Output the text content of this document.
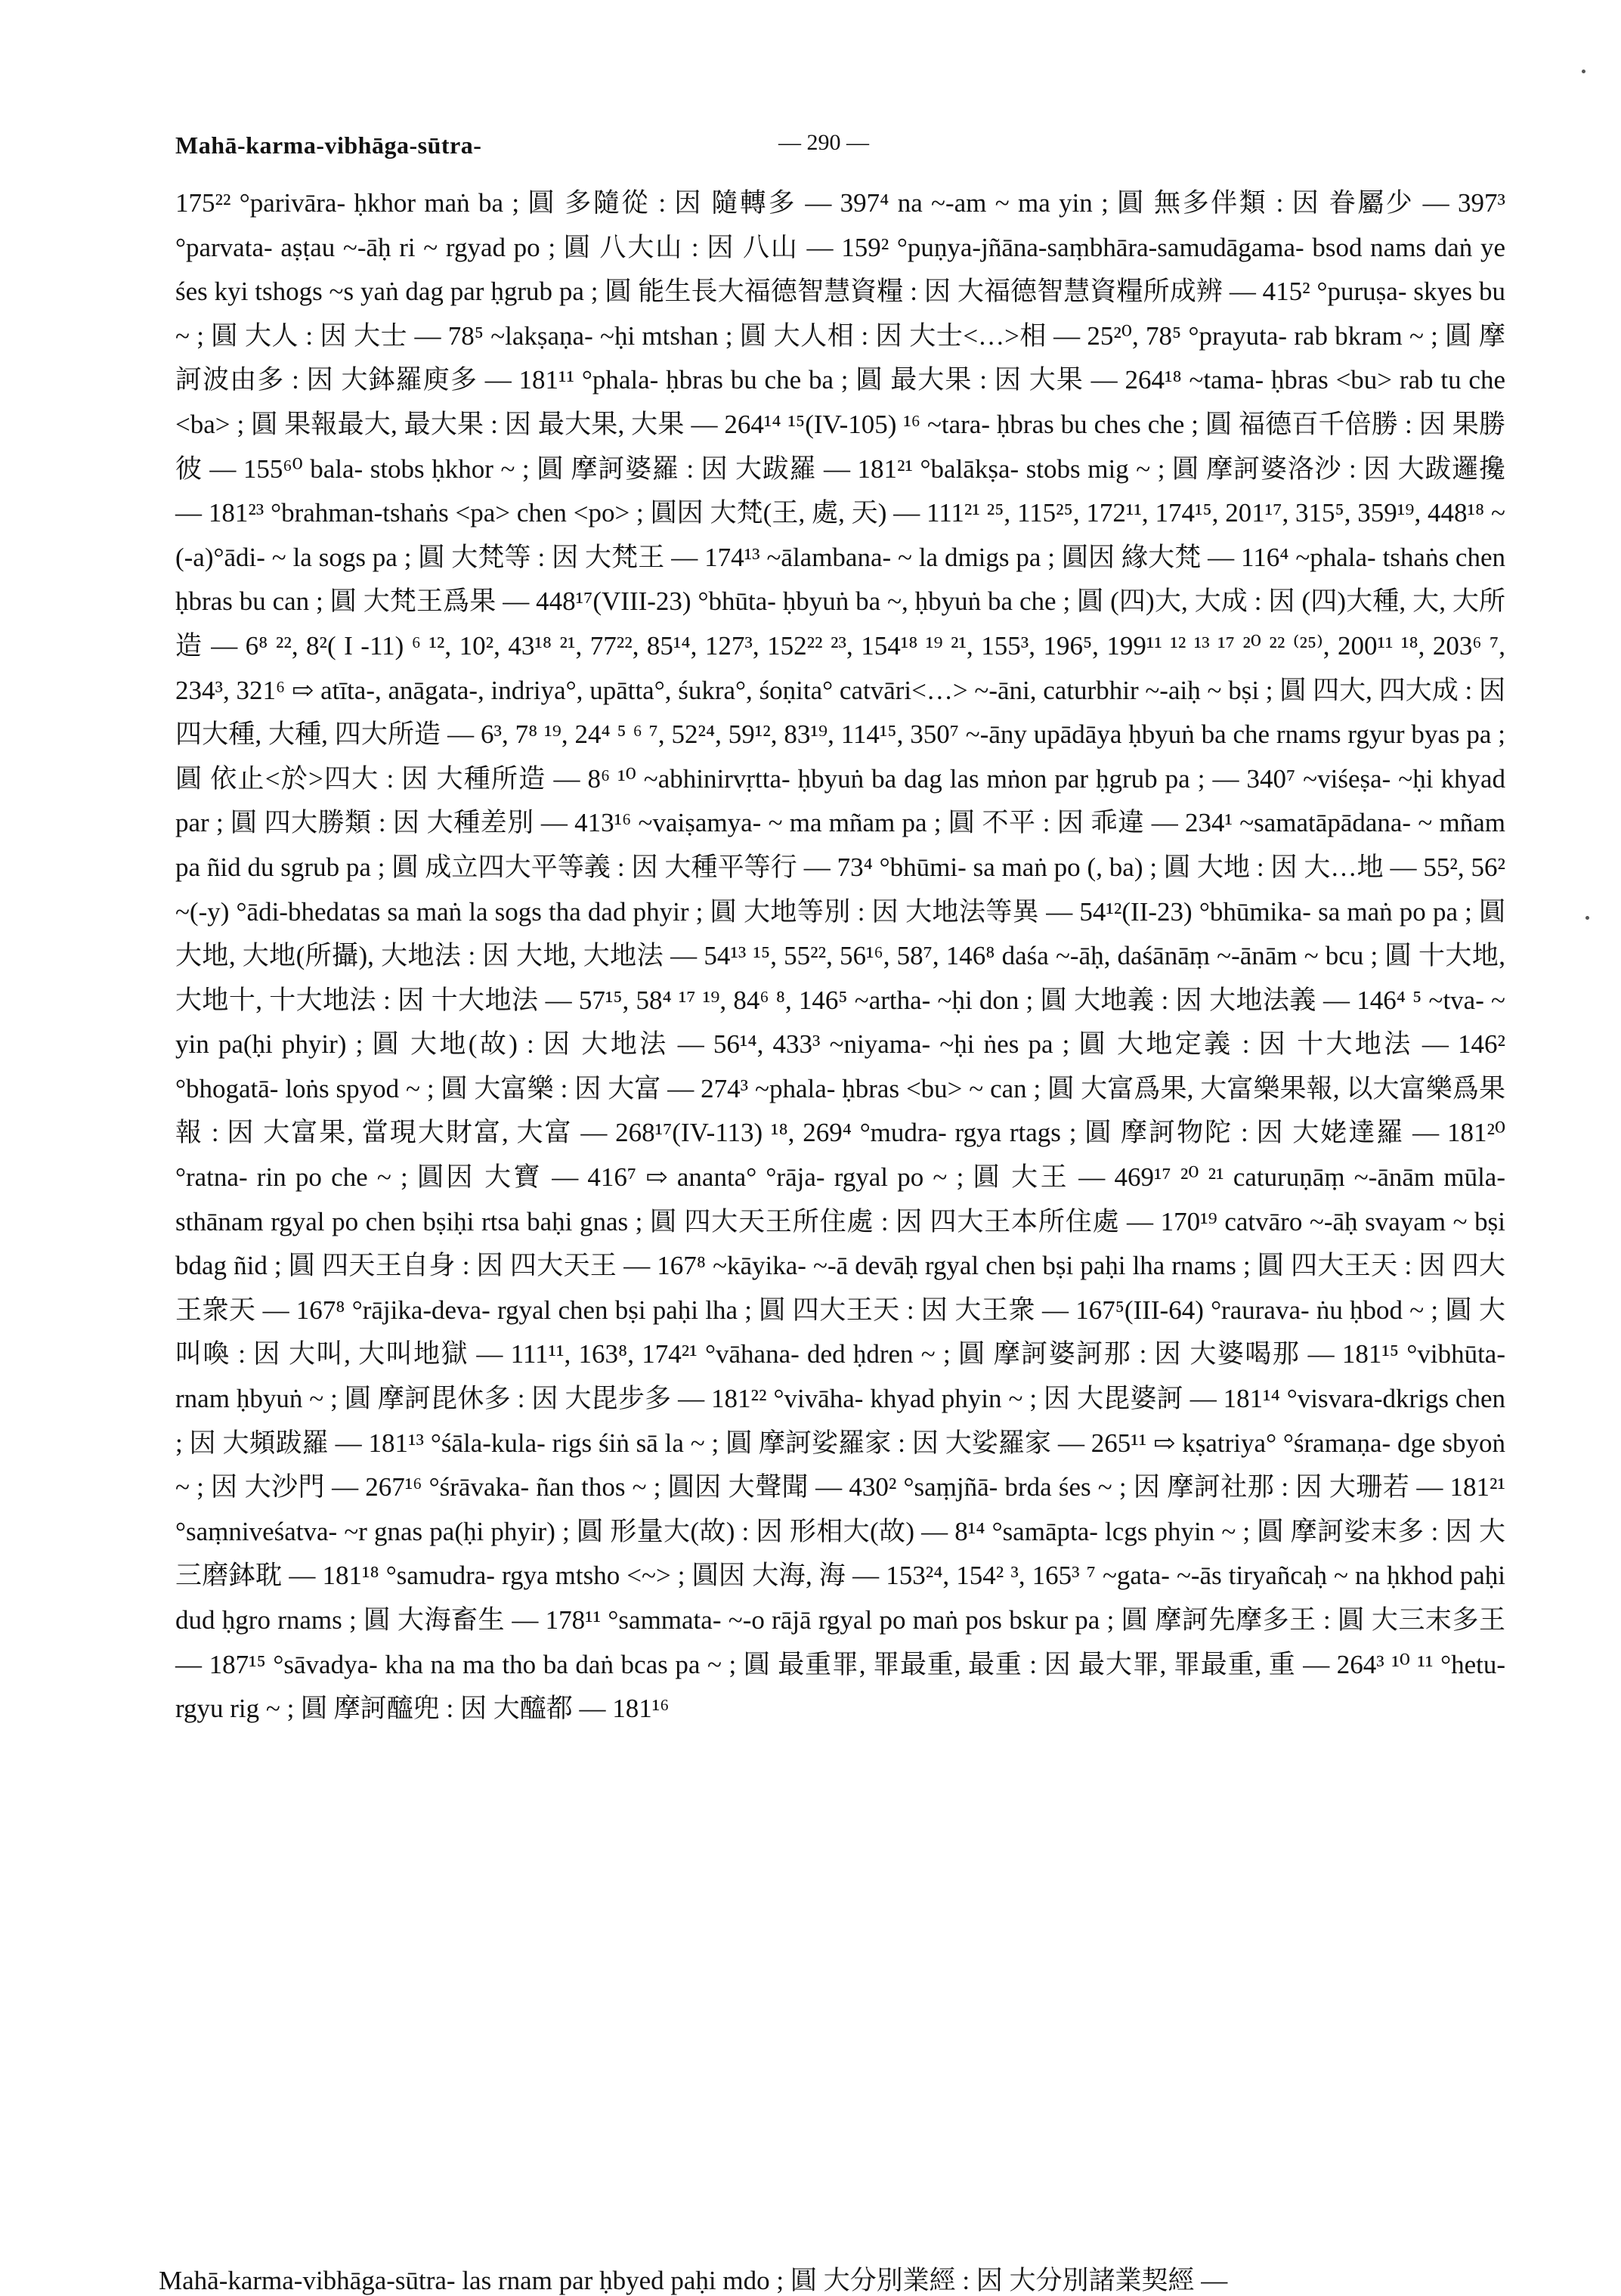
Mahā-karma-vibhāga-sūtra-	— 290 —

175²² °parivāra- ḥkhor maṅ ba ; 圓 多隨從 : 因 隨轉多 — 397⁴ na ~-am ~ ma yin ; 圓 無多伴類 : 因 眷屬少 — 397³ °parvata- aṣṭau ~-āḥ ri ~ rgyad po ; 圓 八大山 : 因 八山 — 159² °puṇya-jñāna-saṃbhāra-samudāgama- bsod nams daṅ ye śes kyi tshogs ~s yaṅ dag par ḥgrub pa ; 圓 能生長大福德智慧資糧 : 因 大福德智慧資糧所成辨 — 415² °puruṣa- skyes bu ~ ; 圓 大人 : 因 大士 — 78⁵ ~lakṣaṇa- ~ḥi mtshan ; 圓 大人相 : 因 大士<…>相 — 25²⁰, 78⁵ °prayuta- rab bkram ~ ; 圓 摩訶波由多 : 因 大鉢羅庾多 — 181¹¹ °phala- ḥbras bu che ba ; 圓 最大果 : 因 大果 — 264¹⁸ ~tama- ḥbras <bu> rab tu che <ba> ; 圓 果報最大, 最大果 : 因 最大果, 大果 — 264¹⁴ ¹⁵(IV-105) ¹⁶ ~tara- ḥbras bu ches che ; 圓 福德百千倍勝 : 因 果勝彼 — 155⁶⁰ bala- stobs ḥkhor ~ ; 圓 摩訶婆羅 : 因 大跋羅 — 181²¹ °balākṣa- stobs mig ~ ; 圓 摩訶婆洛沙 : 因 大跋邏攙 — 181²³ °brahman-tshaṅs <pa> chen <po> ; 圓因 大梵(王, 處, 天) — 111²¹ ²⁵, 115²⁵, 172¹¹, 174¹⁵, 201¹⁷, 315⁵, 359¹⁹, 448¹⁸ ~(-a)°ādi- ~ la sogs pa ; 圓 大梵等 : 因 大梵王 — 174¹³ ~ālambana- ~ la dmigs pa ; 圓因 緣大梵 — 116⁴ ~phala- tshaṅs chen ḥbras bu can ; 圓 大梵王爲果 — 448¹⁷(VIII-23) °bhūta- ḥbyuṅ ba ~, ḥbyuṅ ba che ; 圓 (四)大, 大成 : 因 (四)大種, 大, 大所造 — 6⁸ ²², 8²( I -11) ⁶ ¹², 10², 43¹⁸ ²¹, 77²², 85¹⁴, 127³, 152²² ²³, 154¹⁸ ¹⁹ ²¹, 155³, 196⁵, 199¹¹ ¹² ¹³ ¹⁷ ²⁰ ²² ⁽²⁵⁾, 200¹¹ ¹⁸, 203⁶ ⁷, 234³, 321⁶ ⇨ atīta-, anāgata-, indriya°, upātta°, śukra°, śoṇita° catvāri<…> ~-āni, caturbhir ~-aiḥ ~ bṣi ; 圓 四大, 四大成 : 因 四大種, 大種, 四大所造 — 6³, 7⁸ ¹⁹, 24⁴ ⁵ ⁶ ⁷, 52²⁴, 59¹², 83¹⁹, 114¹⁵, 350⁷ ~-āny upādāya ḥbyuṅ ba che rnams rgyur byas pa ; 圓 依止<於>四大 : 因 大種所造 — 8⁶ ¹⁰ ~abhinirvṛtta- ḥbyuṅ ba dag las mṅon par ḥgrub pa ; — 340⁷ ~viśeṣa- ~ḥi khyad par ; 圓 四大勝類 : 因 大種差別 — 413¹⁶ ~vaiṣamya- ~ ma mñam pa ; 圓 不平 : 因 乖違 — 234¹ ~samatāpādana- ~ mñam pa ñid du sgrub pa ; 圓 成立四大平等義 : 因 大種平等行 — 73⁴ °bhūmi- sa maṅ po (, ba) ; 圓 大地 : 因 大…地 — 55², 56² ~(-y) °ādi-bhedatas sa maṅ la sogs tha dad phyir ; 圓 大地等別 : 因 大地法等異 — 54¹²(II-23) °bhūmika- sa maṅ po pa ; 圓 大地, 大地(所攝), 大地法 : 因 大地, 大地法 — 54¹³ ¹⁵, 55²², 56¹⁶, 58⁷, 146⁸ daśa ~-āḥ, daśānāṃ ~-ānām ~ bcu ; 圓 十大地, 大地十, 十大地法 : 因 十大地法 — 57¹⁵, 58⁴ ¹⁷ ¹⁹, 84⁶ ⁸, 146⁵ ~artha- ~ḥi don ; 圓 大地義 : 因 大地法義 — 146⁴ ⁵ ~tva- ~ yin pa(ḥi phyir) ; 圓 大地(故) : 因 大地法 — 56¹⁴, 433³ ~niyama- ~ḥi ṅes pa ; 圓 大地定義 : 因 十大地法 — 146² °bhogatā- loṅs spyod ~ ; 圓 大富樂 : 因 大富 — 274³ ~phala- ḥbras <bu> ~ can ; 圓 大富爲果, 大富樂果報, 以大富樂爲果報 : 因 大富果, 當現大財富, 大富 — 268¹⁷(IV-113) ¹⁸, 269⁴ °mudra- rgya rtags ; 圓 摩訶物陀 : 因 大姥達羅 — 181²⁰ °ratna- rin po che ~ ; 圓因 大寶 — 416⁷ ⇨ ananta° °rāja- rgyal po ~ ; 圓 大王 — 469¹⁷ ²⁰ ²¹ caturuṇāṃ ~-ānām mūla-sthānam rgyal po chen bṣiḥi rtsa baḥi gnas ; 圓 四大天王所住處 : 因 四大王本所住處 — 170¹⁹ catvāro ~-āḥ svayam ~ bṣi bdag ñid ; 圓 四天王自身 : 因 四大天王 — 167⁸ ~kāyika- ~-ā devāḥ rgyal chen bṣi paḥi lha rnams ; 圓 四大王天 : 因 四大王衆天 — 167⁸ °rājika-deva- rgyal chen bṣi paḥi lha ; 圓 四大王天 : 因 大王衆 — 167⁵(III-64) °raurava- ṅu ḥbod ~ ; 圓 大叫喚 : 因 大叫, 大叫地獄 — 111¹¹, 163⁸, 174²¹ °vāhana- ded ḥdren ~ ; 圓 摩訶婆訶那 : 因 大婆喝那 — 181¹⁵ °vibhūta- rnam ḥbyuṅ ~ ; 圓 摩訶毘休多 : 因 大毘步多 — 181²² °vivāha- khyad phyin ~ ; 因 大毘婆訶 — 181¹⁴ °visvara-dkrigs chen ; 因 大頻跋羅 — 181¹³ °śāla-kula- rigs śiṅ sā la ~ ; 圓 摩訶娑羅家 : 因 大娑羅家 — 265¹¹ ⇨ kṣatriya° °śramaṇa- dge sbyoṅ ~ ; 因 大沙門 — 267¹⁶ °śrāvaka- ñan thos ~ ; 圓因 大聲聞 — 430² °saṃjñā- brda śes ~ ; 因 摩訶社那 : 因 大珊若 — 181²¹ °saṃniveśatva- ~r gnas pa(ḥi phyir) ; 圓 形量大(故) : 因 形相大(故) — 8¹⁴ °samāpta- lcgs phyin ~ ; 圓 摩訶娑末多 : 因 大三磨鉢耽 — 181¹⁸ °samudra- rgya mtsho <~> ; 圓因 大海, 海 — 153²⁴, 154² ³, 165³ ⁷ ~gata- ~-ās tiryañcaḥ ~ na ḥkhod paḥi dud ḥgro rnams ; 圓 大海畜生 — 178¹¹ °sammata- ~-o rājā rgyal po maṅ pos bskur pa ; 圓 摩訶先摩多王 : 圓 大三末多王 — 187¹⁵ °sāvadya- kha na ma tho ba daṅ bcas pa ~ ; 圓 最重罪, 罪最重, 最重 : 因 最大罪, 罪最重, 重 — 264³ ¹⁰ ¹¹ °hetu- rgyu rig ~ ; 圓 摩訶醯兜 : 因 大醯都 — 181¹⁶

Mahā-karma-vibhāga-sūtra- las rnam par ḥbyed paḥi mdo ; 圓 大分別業經 : 因 大分別諸業契經 —
